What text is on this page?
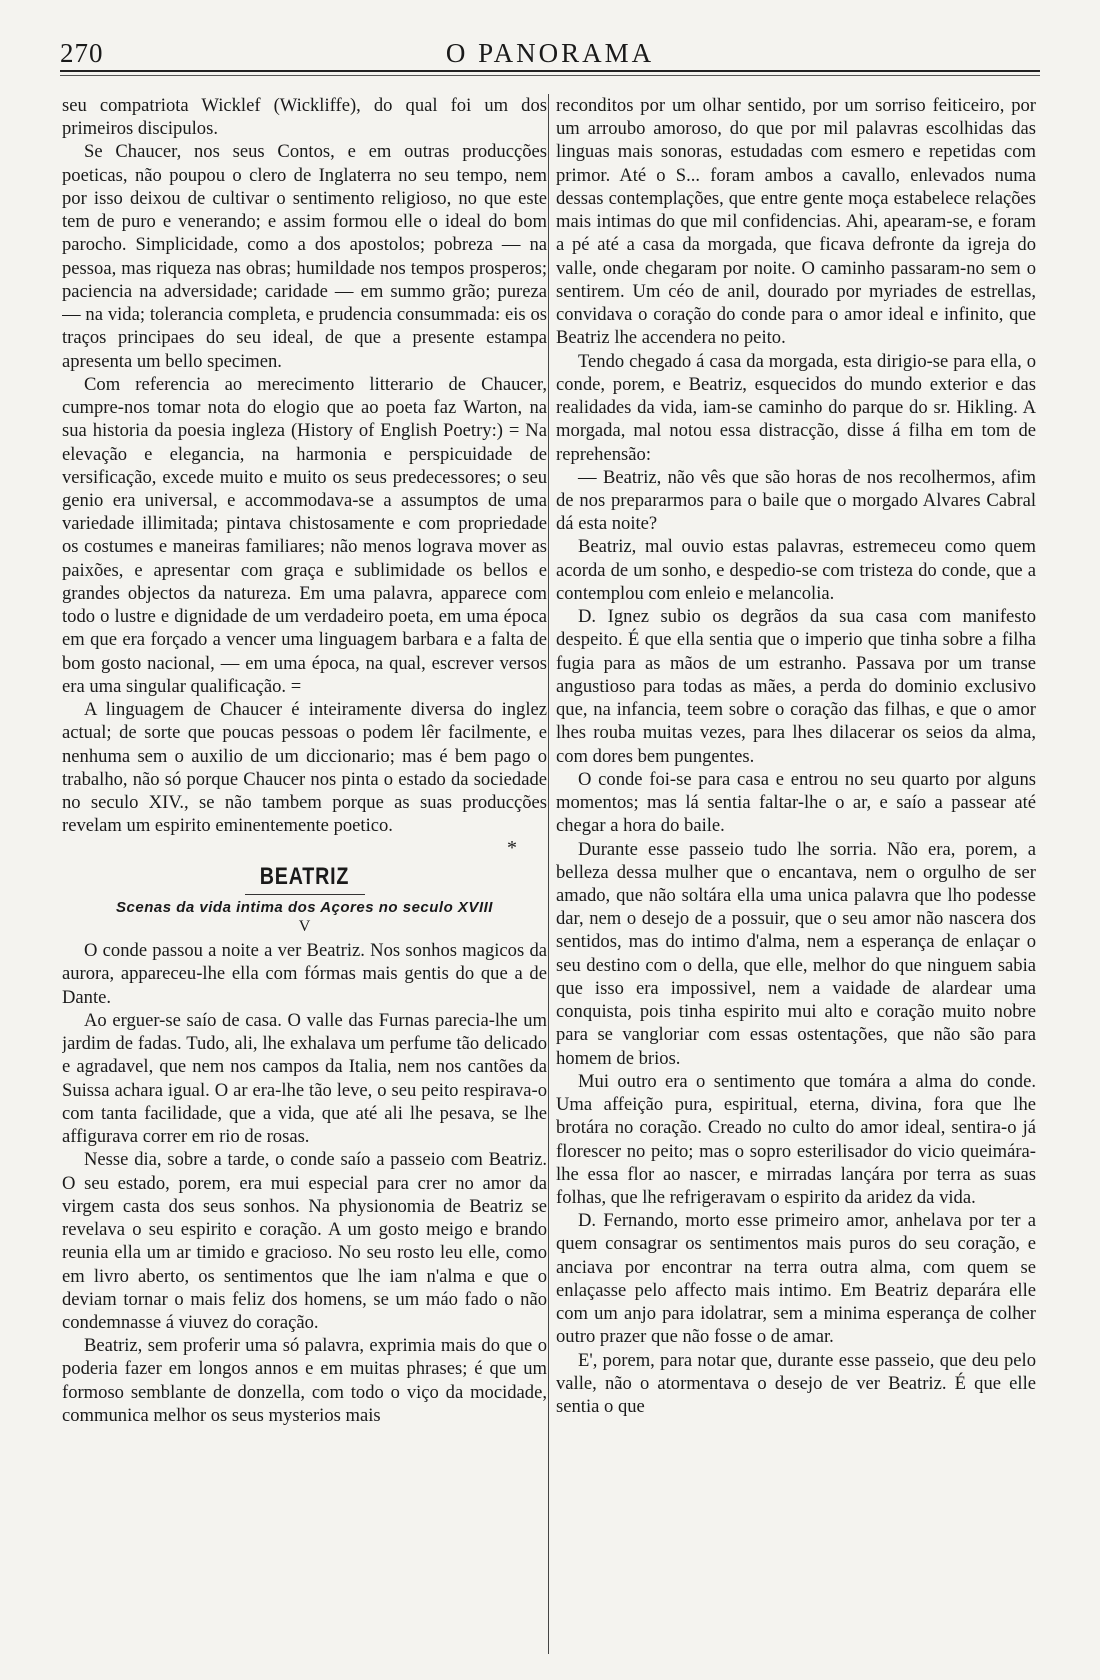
270	O PANORAMA

seu compatriota Wicklef (Wickliffe), do qual foi um dos primeiros discipulos.

Se Chaucer, nos seus Contos, e em outras producções poeticas, não poupou o clero de Inglaterra no seu tempo, nem por isso deixou de cultivar o sentimento religioso, no que este tem de puro e venerando; e assim formou elle o ideal do bom parocho. Simplicidade, como a dos apostolos; pobreza — na pessoa, mas riqueza nas obras; humildade nos tempos prosperos; paciencia na adversidade; caridade — em summo grão; pureza — na vida; tolerancia completa, e prudencia consummada: eis os traços principaes do seu ideal, de que a presente estampa apresenta um bello specimen.

Com referencia ao merecimento litterario de Chaucer, cumpre-nos tomar nota do elogio que ao poeta faz Warton, na sua historia da poesia ingleza (History of English Poetry:) = Na elevação e elegancia, na harmonia e perspicuidade de versificação, excede muito e muito os seus predecessores; o seu genio era universal, e accommodava-se a assumptos de uma variedade illimitada; pintava chistosamente e com propriedade os costumes e maneiras familiares; não menos lograva mover as paixões, e apresentar com graça e sublimidade os bellos e grandes objectos da natureza. Em uma palavra, apparece com todo o lustre e dignidade de um verdadeiro poeta, em uma época em que era forçado a vencer uma linguagem barbara e a falta de bom gosto nacional, — em uma época, na qual, escrever versos era uma singular qualificação. =

A linguagem de Chaucer é inteiramente diversa do inglez actual; de sorte que poucas pessoas o podem lêr facilmente, e nenhuma sem o auxilio de um diccionario; mas é bem pago o trabalho, não só porque Chaucer nos pinta o estado da sociedade no seculo XIV., se não tambem porque as suas producções revelam um espirito eminentemente poetico.

*
BEATRIZ
Scenas da vida intima dos Açores no seculo XVIII
V

O conde passou a noite a ver Beatriz. Nos sonhos magicos da aurora, appareceu-lhe ella com fórmas mais gentis do que a de Dante.

Ao erguer-se saío de casa. O valle das Furnas parecia-lhe um jardim de fadas. Tudo, ali, lhe exhalava um perfume tão delicado e agradavel, que nem nos campos da Italia, nem nos cantões da Suissa achara igual. O ar era-lhe tão leve, o seu peito respirava-o com tanta facilidade, que a vida, que até ali lhe pesava, se lhe affigurava correr em rio de rosas.

Nesse dia, sobre a tarde, o conde saío a passeio com Beatriz. O seu estado, porem, era mui especial para crer no amor da virgem casta dos seus sonhos. Na physionomia de Beatriz se revelava o seu espirito e coração. A um gosto meigo e brando reunia ella um ar timido e gracioso. No seu rosto leu elle, como em livro aberto, os sentimentos que lhe iam n'alma e que o deviam tornar o mais feliz dos homens, se um máo fado o não condemnasse á viuvez do coração.

Beatriz, sem proferir uma só palavra, exprimia mais do que o poderia fazer em longos annos e em muitas phrases; é que um formoso semblante de donzella, com todo o viço da mocidade, communica melhor os seus mysterios mais

reconditos por um olhar sentido, por um sorriso feiticeiro, por um arroubo amoroso, do que por mil palavras escolhidas das linguas mais sonoras, estudadas com esmero e repetidas com primor. Até o S... foram ambos a cavallo, enlevados numa dessas contemplações, que entre gente moça estabelece relações mais intimas do que mil confidencias. Ahi, apearam-se, e foram a pé até a casa da morgada, que ficava defronte da igreja do valle, onde chegaram por noite. O caminho passaram-no sem o sentirem. Um céo de anil, dourado por myriades de estrellas, convidava o coração do conde para o amor ideal e infinito, que Beatriz lhe accendera no peito.

Tendo chegado á casa da morgada, esta dirigio-se para ella, o conde, porem, e Beatriz, esquecidos do mundo exterior e das realidades da vida, iam-se caminho do parque do sr. Hikling. A morgada, mal notou essa distracção, disse á filha em tom de reprehensão:

— Beatriz, não vês que são horas de nos recolhermos, afim de nos prepararmos para o baile que o morgado Alvares Cabral dá esta noite?

Beatriz, mal ouvio estas palavras, estremeceu como quem acorda de um sonho, e despedio-se com tristeza do conde, que a contemplou com enleio e melancolia.

D. Ignez subio os degrãos da sua casa com manifesto despeito. É que ella sentia que o imperio que tinha sobre a filha fugia para as mãos de um estranho. Passava por um transe angustioso para todas as mães, a perda do dominio exclusivo que, na infancia, teem sobre o coração das filhas, e que o amor lhes rouba muitas vezes, para lhes dilacerar os seios da alma, com dores bem pungentes.

O conde foi-se para casa e entrou no seu quarto por alguns momentos; mas lá sentia faltar-lhe o ar, e saío a passear até chegar a hora do baile.

Durante esse passeio tudo lhe sorria. Não era, porem, a belleza dessa mulher que o encantava, nem o orgulho de ser amado, que não soltára ella uma unica palavra que lho podesse dar, nem o desejo de a possuir, que o seu amor não nascera dos sentidos, mas do intimo d'alma, nem a esperança de enlaçar o seu destino com o della, que elle, melhor do que ninguem sabia que isso era impossivel, nem a vaidade de alardear uma conquista, pois tinha espirito mui alto e coração muito nobre para se vangloriar com essas ostentações, que não são para homem de brios.

Mui outro era o sentimento que tomára a alma do conde. Uma affeição pura, espiritual, eterna, divina, fora que lhe brotára no coração. Creado no culto do amor ideal, sentira-o já florescer no peito; mas o sopro esterilisador do vicio queimára-lhe essa flor ao nascer, e mirradas lançára por terra as suas folhas, que lhe refrigeravam o espirito da aridez da vida.

D. Fernando, morto esse primeiro amor, anhelava por ter a quem consagrar os sentimentos mais puros do seu coração, e anciava por encontrar na terra outra alma, com quem se enlaçasse pelo affecto mais intimo. Em Beatriz deparára elle com um anjo para idolatrar, sem a minima esperança de colher outro prazer que não fosse o de amar.

E', porem, para notar que, durante esse passeio, que deu pelo valle, não o atormentava o desejo de ver Beatriz. É que elle sentia o que
